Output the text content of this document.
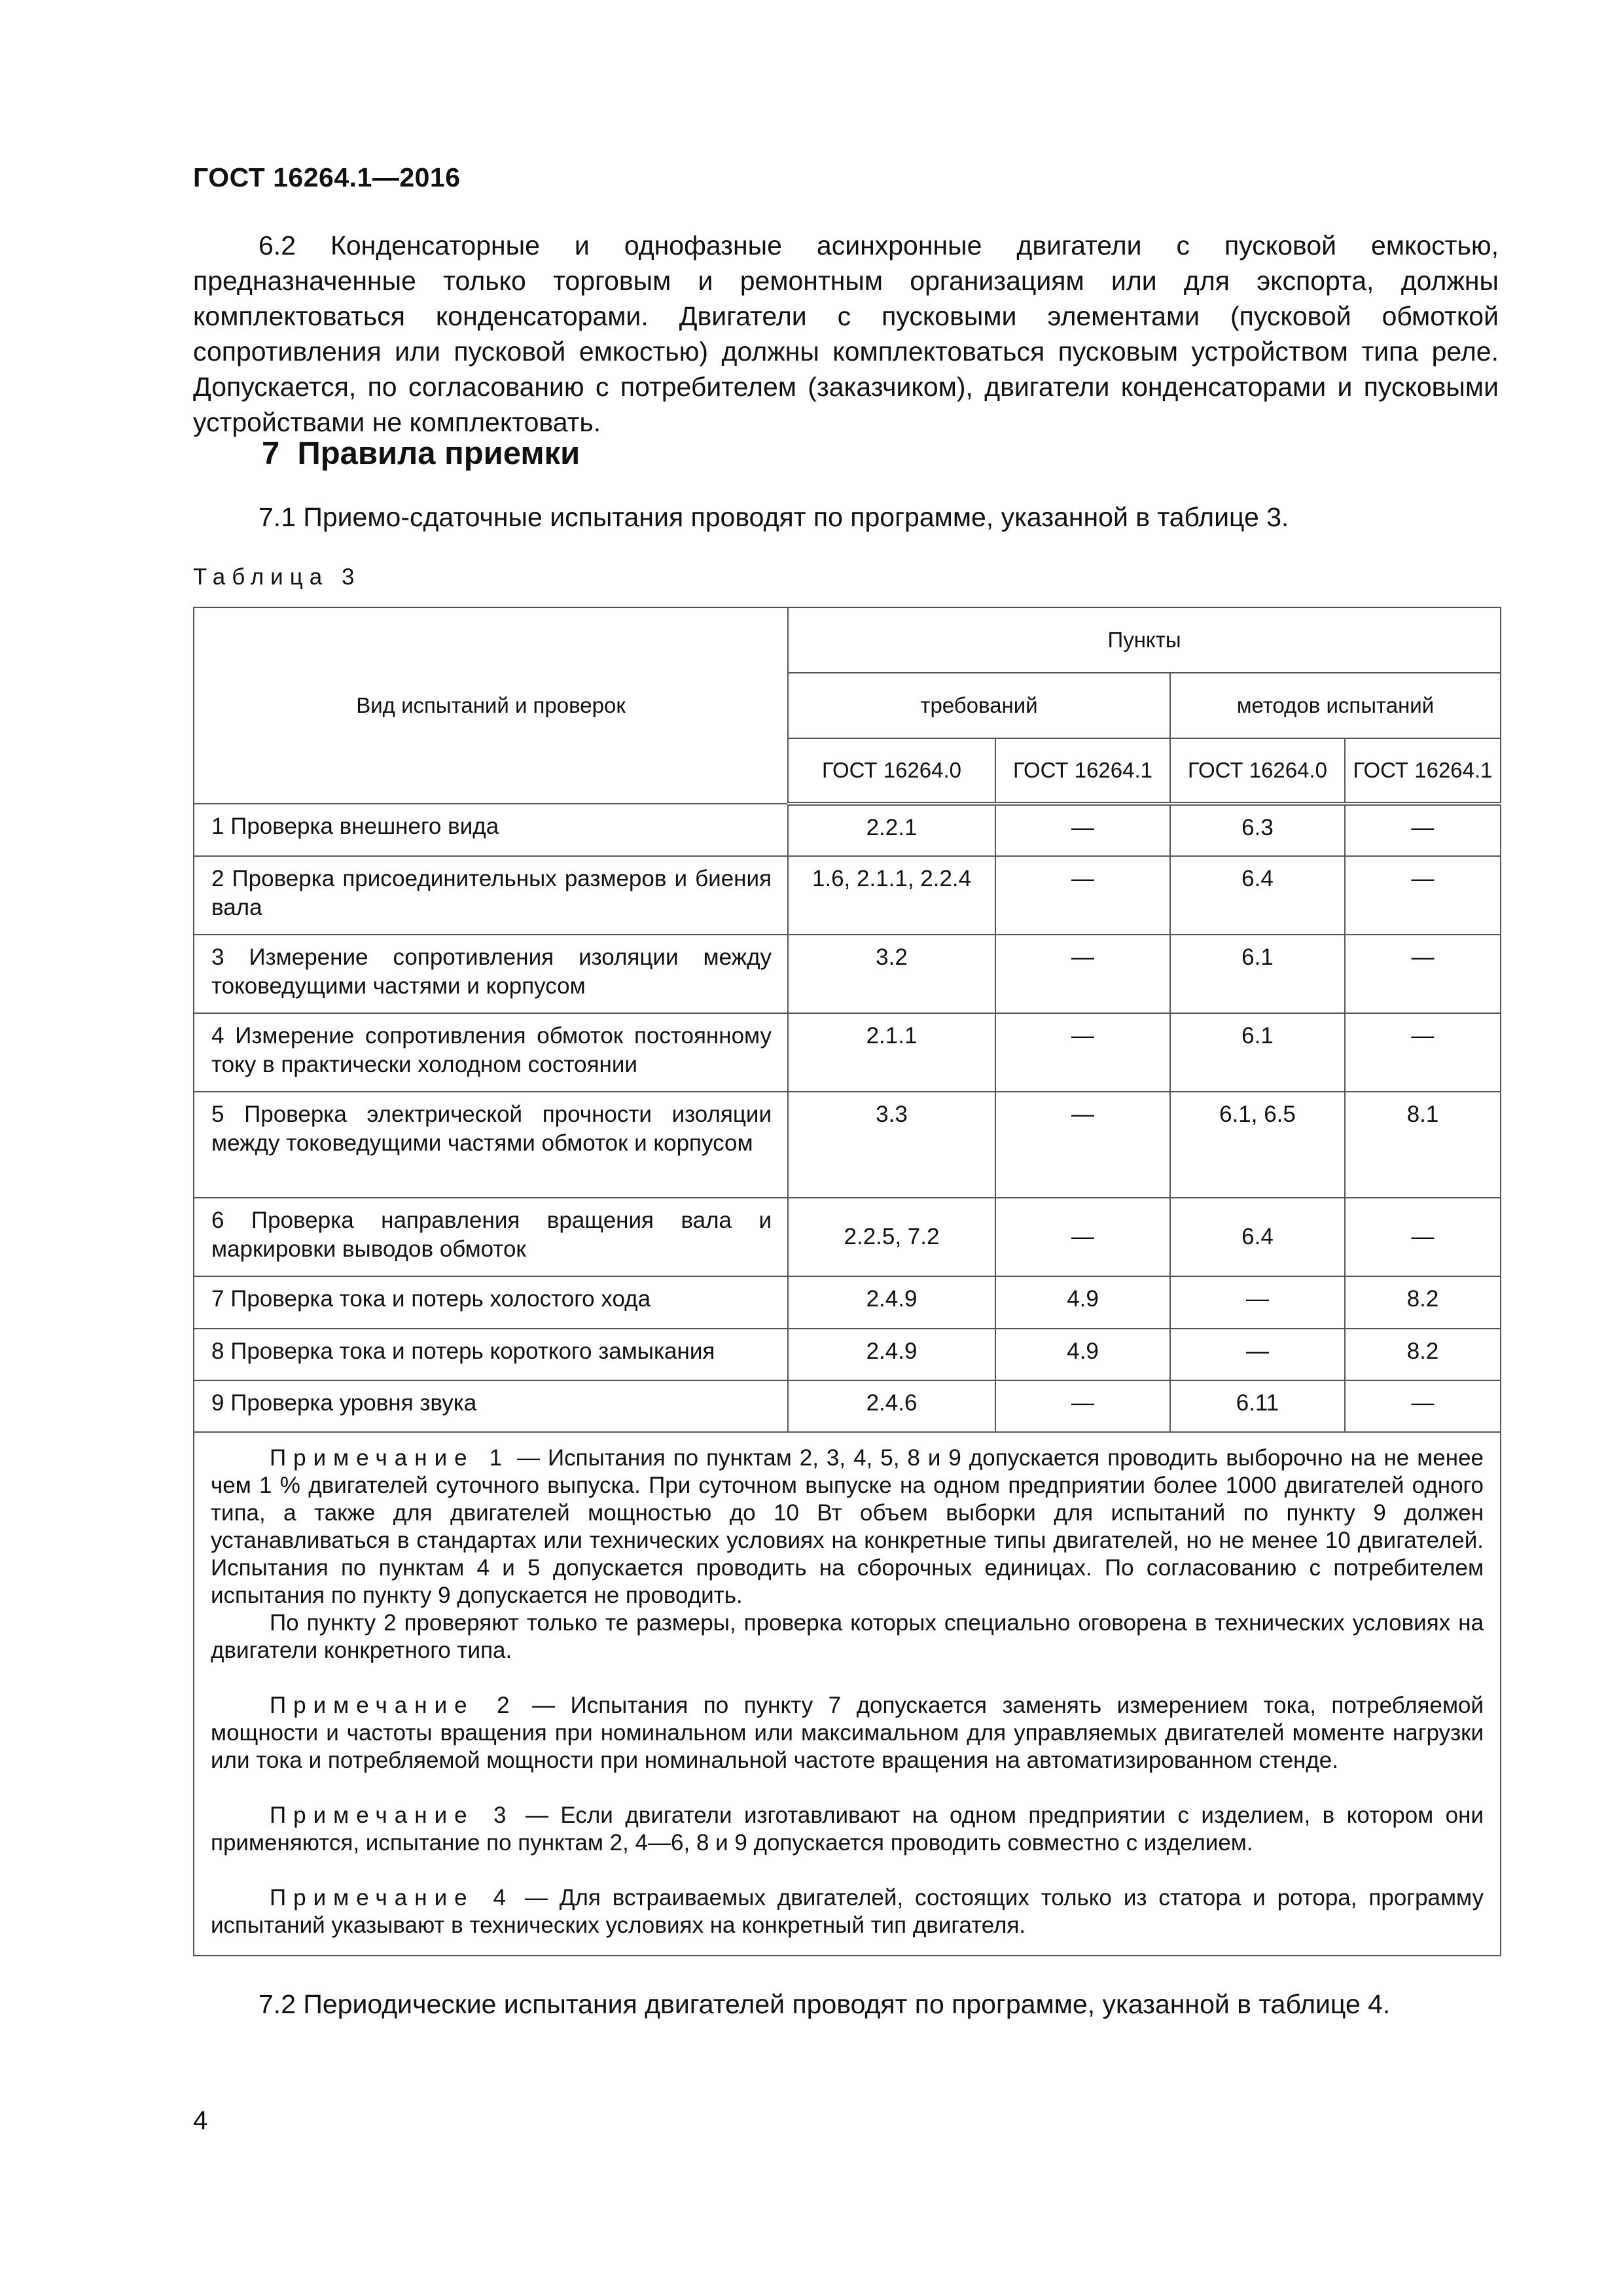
ГОСТ 16264.1—2016

6.2 Конденсаторные и однофазные асинхронные двигатели с пусковой емкостью, предназначенные только торговым и ремонтным организациям или для экспорта, должны комплектоваться конденсаторами. Двигатели с пусковыми элементами (пусковой обмоткой сопротивления или пусковой емкостью) должны комплектоваться пусковым устройством типа реле. Допускается, по согласованию с потребителем (заказчиком), двигатели конденсаторами и пусковыми устройствами не комплектовать.

7 Правила приемки

7.1 Приемо-сдаточные испытания проводят по программе, указанной в таблице 3.

Таблица 3
Вид испытаний и проверок	Пункты			
	требований		методов испытаний	
	ГОСТ 16264.0	ГОСТ 16264.1	ГОСТ 16264.0	ГОСТ 16264.1
1 Проверка внешнего вида	2.2.1	—	6.3	—
2 Проверка присоединительных размеров и биения вала	1.6, 2.1.1, 2.2.4	—	6.4	—
3 Измерение сопротивления изоляции между токоведущими частями и корпусом	3.2	—	6.1	—
4 Измерение сопротивления обмоток постоянному току в практически холодном состоянии	2.1.1	—	6.1	—
5 Проверка электрической прочности изоляции между токоведущими частями обмоток и корпусом	3.3	—	6.1, 6.5	8.1
6 Проверка направления вращения вала и маркировки выводов обмоток	2.2.5, 7.2	—	6.4	—
7 Проверка тока и потерь холостого хода	2.4.9	4.9	—	8.2
8 Проверка тока и потерь короткого замыкания	2.4.9	4.9	—	8.2
9 Проверка уровня звука	2.4.6	—	6.11	—

Примечание 1 — Испытания по пунктам 2, 3, 4, 5, 8 и 9 допускается проводить выборочно на не менее чем 1 % двигателей суточного выпуска. При суточном выпуске на одном предприятии более 1000 двигателей одного типа, а также для двигателей мощностью до 10 Вт объем выборки для испытаний по пункту 9 должен устанавливаться в стандартах или технических условиях на конкретные типы двигателей, но не менее 10 двигателей. Испытания по пунктам 4 и 5 допускается проводить на сборочных единицах. По согласованию с потребителем испытания по пункту 9 допускается не проводить.

По пункту 2 проверяют только те размеры, проверка которых специально оговорена в технических условиях на двигатели конкретного типа.

Примечание 2 — Испытания по пункту 7 допускается заменять измерением тока, потребляемой мощности и частоты вращения при номинальном или максимальном для управляемых двигателей моменте нагрузки или тока и потребляемой мощности при номинальной частоте вращения на автоматизированном стенде.

Примечание 3 — Если двигатели изготавливают на одном предприятии с изделием, в котором они применяются, испытание по пунктам 2, 4—6, 8 и 9 допускается проводить совместно с изделием.

Примечание 4 — Для встраиваемых двигателей, состоящих только из статора и ротора, программу испытаний указывают в технических условиях на конкретный тип двигателя.				

7.2 Периодические испытания двигателей проводят по программе, указанной в таблице 4.

4
